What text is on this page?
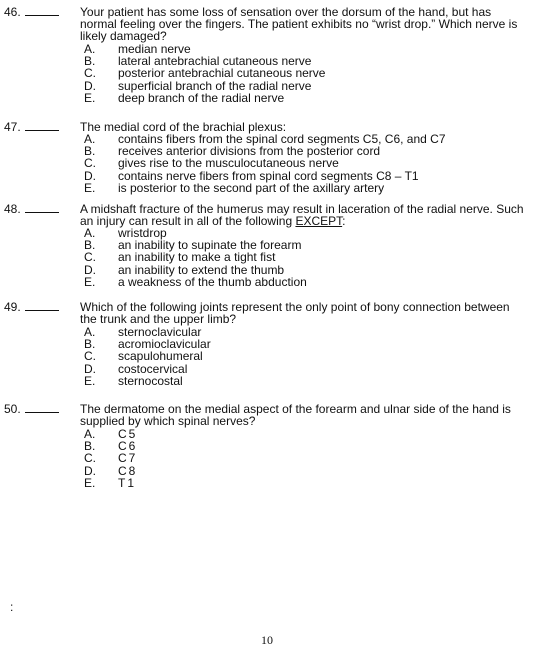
46.	Your patient has some loss of sensation over the dorsum of the hand, but has normal feeling over the fingers. The patient exhibits no “wrist drop.” Which nerve is likely damaged?
A.	median nerve
B.	lateral antebrachial cutaneous nerve
C.	posterior antebrachial cutaneous nerve
D.	superficial branch of the radial nerve
E.	deep branch of the radial nerve
47.	The medial cord of the brachial plexus:
A.	contains fibers from the spinal cord segments C5, C6, and C7
B.	receives anterior divisions from the posterior cord
C.	gives rise to the musculocutaneous nerve
D.	contains nerve fibers from spinal cord segments C8 – T1
E.	is posterior to the second part of the axillary artery
48.	A midshaft fracture of the humerus may result in laceration of the radial nerve. Such an injury can result in all of the following EXCEPT:
A.	wristdrop
B.	an inability to supinate the forearm
C.	an inability to make a tight fist
D.	an inability to extend the thumb
E.	a weakness of the thumb abduction
49.	Which of the following joints represent the only point of bony connection between the trunk and the upper limb?
A.	sternoclavicular
B.	acromioclavicular
C.	scapulohumeral
D.	costocervical
E.	sternocostal
50.	The dermatome on the medial aspect of the forearm and ulnar side of the hand is supplied by which spinal nerves?
A.	C5
B.	C6
C.	C7
D.	C8
E.	T1
:
10
